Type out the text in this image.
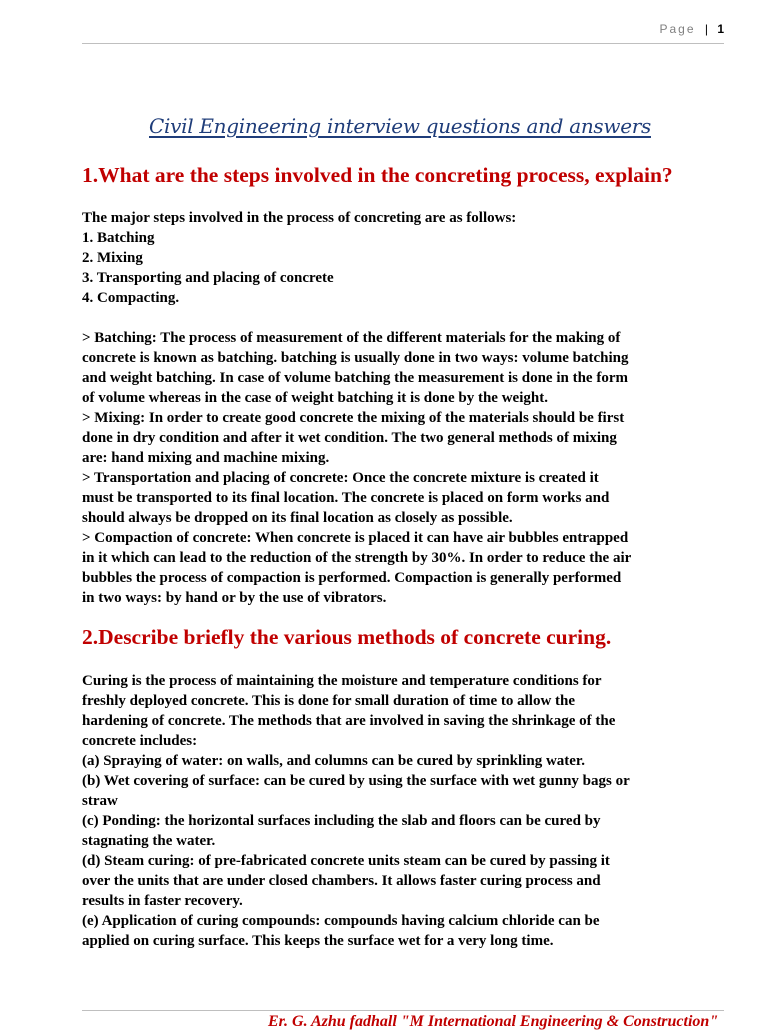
Page | 1
Civil Engineering interview questions and answers
1.What are the steps involved in the concreting process, explain?
The major steps involved in the process of concreting are as follows:
1. Batching
2. Mixing
3. Transporting and placing of concrete
4. Compacting.
> Batching: The process of measurement of the different materials for the making of
concrete is known as batching. batching is usually done in two ways: volume batching
and weight batching. In case of volume batching the measurement is done in the form
of volume whereas in the case of weight batching it is done by the weight.
> Mixing: In order to create good concrete the mixing of the materials should be first
done in dry condition and after it wet condition. The two general methods of mixing
are: hand mixing and machine mixing.
> Transportation and placing of concrete: Once the concrete mixture is created it
must be transported to its final location. The concrete is placed on form works and
should always be dropped on its final location as closely as possible.
> Compaction of concrete: When concrete is placed it can have air bubbles entrapped
in it which can lead to the reduction of the strength by 30%. In order to reduce the air
bubbles the process of compaction is performed. Compaction is generally performed
in two ways: by hand or by the use of vibrators.
2.Describe briefly the various methods of concrete curing.
Curing is the process of maintaining the moisture and temperature conditions for
freshly deployed concrete. This is done for small duration of time to allow the
hardening of concrete. The methods that are involved in saving the shrinkage of the
concrete includes:
(a) Spraying of water: on walls, and columns can be cured by sprinkling water.
(b) Wet covering of surface: can be cured by using the surface with wet gunny bags or
straw
(c) Ponding: the horizontal surfaces including the slab and floors can be cured by
stagnating the water.
(d) Steam curing: of pre-fabricated concrete units steam can be cured by passing it
over the units that are under closed chambers. It allows faster curing process and
results in faster recovery.
(e) Application of curing compounds: compounds having calcium chloride can be
applied on curing surface. This keeps the surface wet for a very long time.
Er. G. Azhu fadhall "M International Engineering & Construction"
